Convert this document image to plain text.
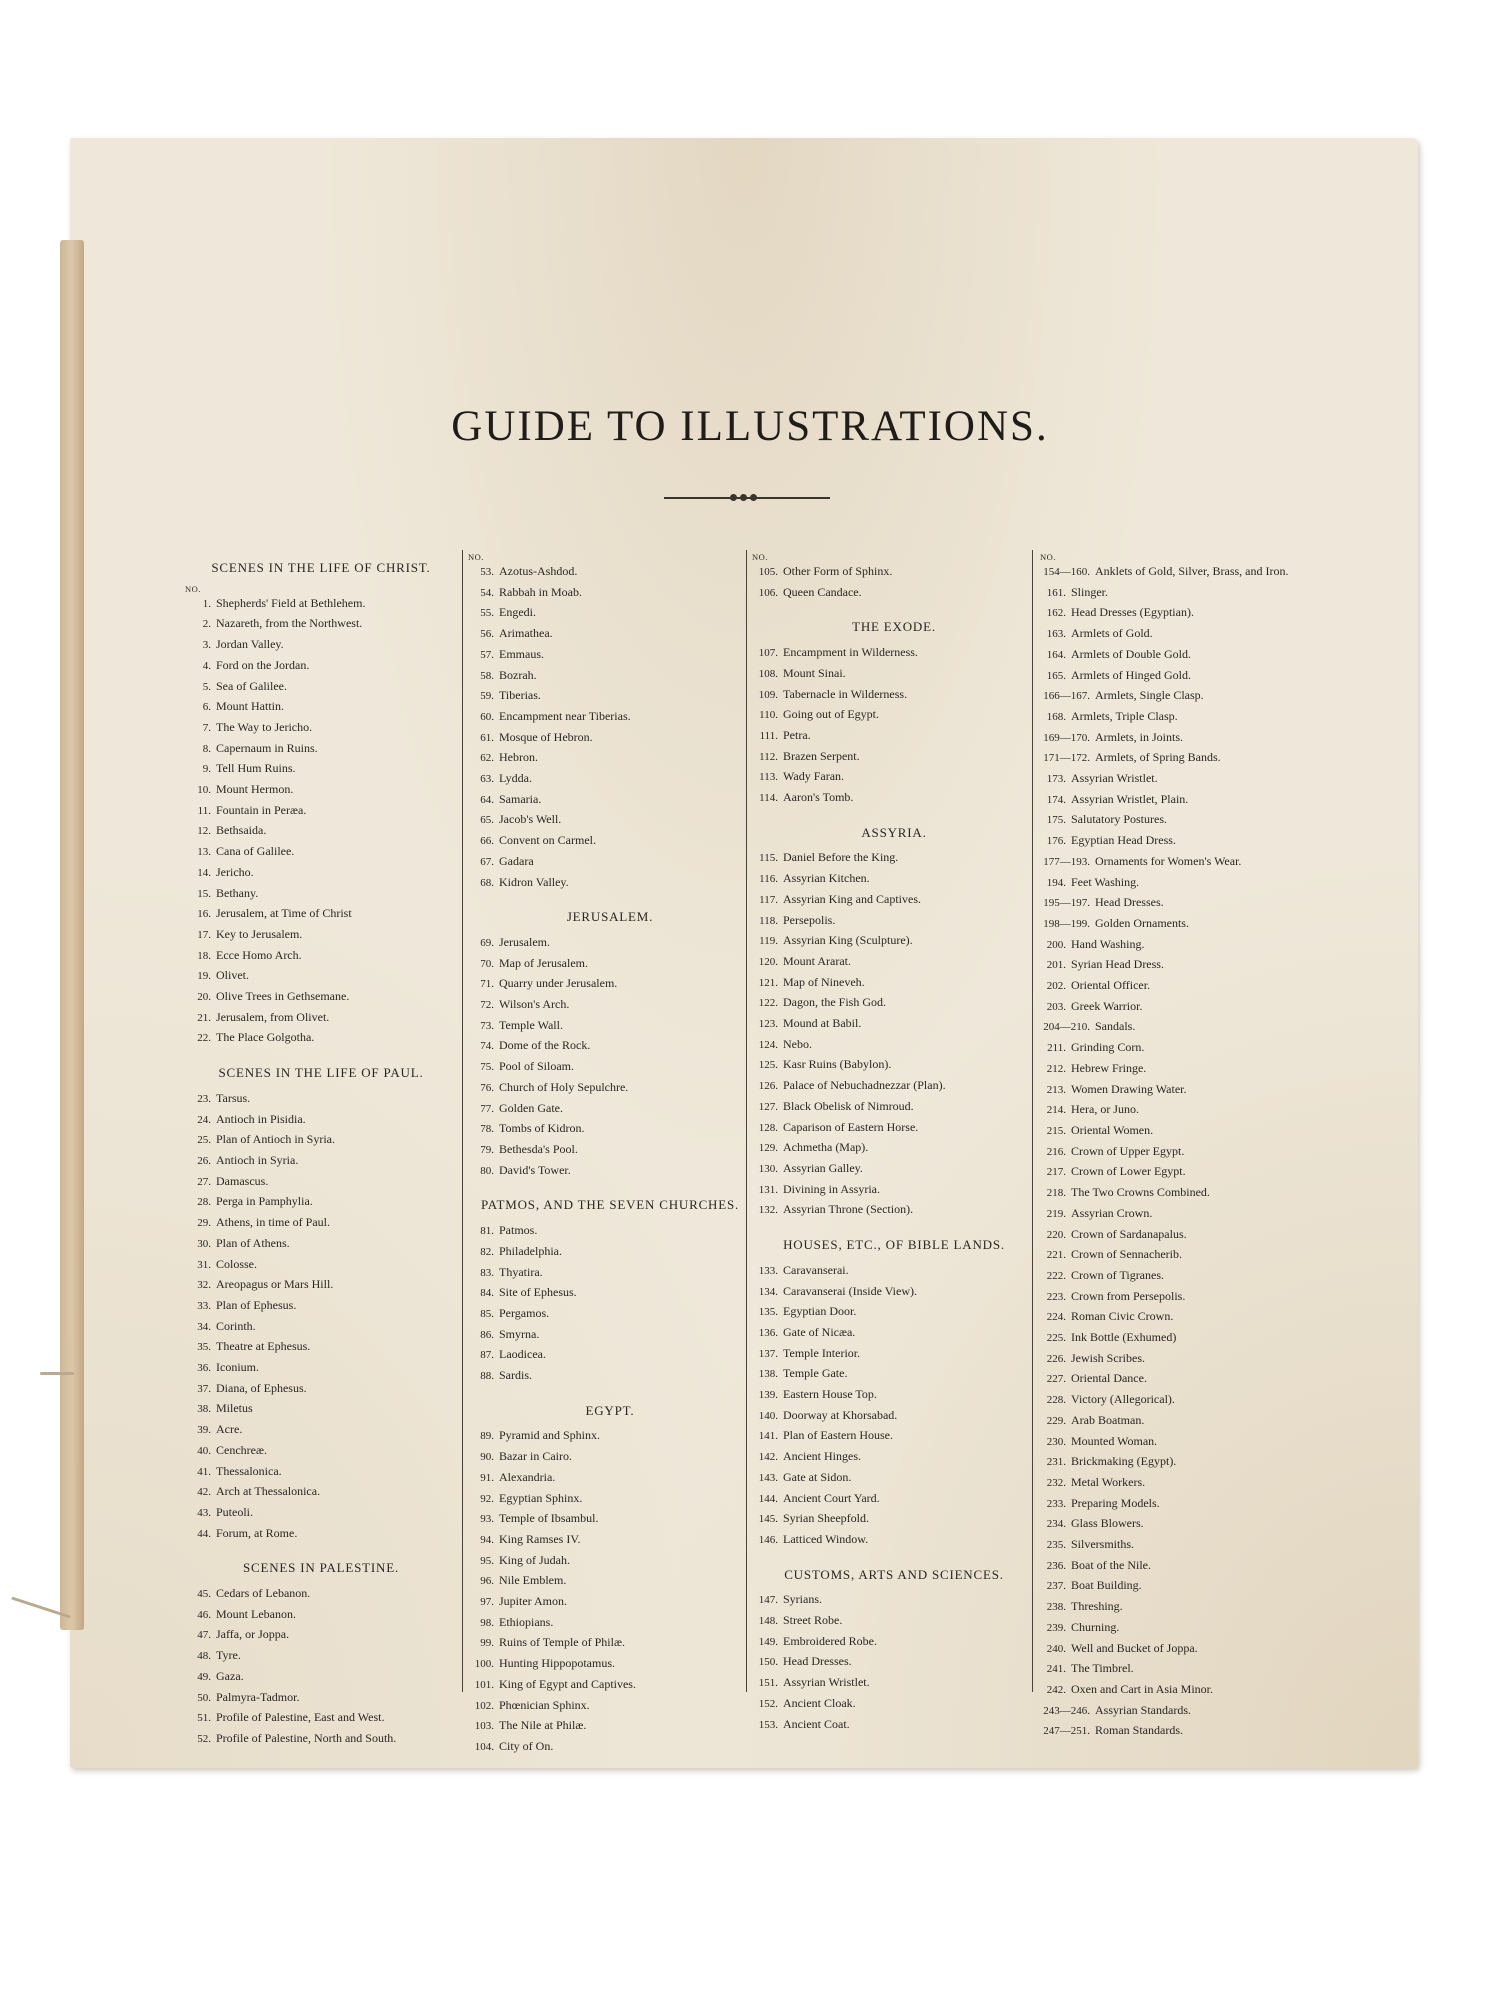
GUIDE TO ILLUSTRATIONS.
SCENES IN THE LIFE OF CHRIST.
NO.
1. Shepherds' Field at Bethlehem.
2. Nazareth, from the Northwest.
3. Jordan Valley.
4. Ford on the Jordan.
5. Sea of Galilee.
6. Mount Hattin.
7. The Way to Jericho.
8. Capernaum in Ruins.
9. Tell Hum Ruins.
10. Mount Hermon.
11. Fountain in Peræa.
12. Bethsaida.
13. Cana of Galilee.
14. Jericho.
15. Bethany.
16. Jerusalem, at Time of Christ
17. Key to Jerusalem.
18. Ecce Homo Arch.
19. Olivet.
20. Olive Trees in Gethsemane.
21. Jerusalem, from Olivet.
22. The Place Golgotha.
SCENES IN THE LIFE OF PAUL.
23. Tarsus.
24. Antioch in Pisidia.
25. Plan of Antioch in Syria.
26. Antioch in Syria.
27. Damascus.
28. Perga in Pamphylia.
29. Athens, in time of Paul.
30. Plan of Athens.
31. Colosse.
32. Areopagus or Mars Hill.
33. Plan of Ephesus.
34. Corinth.
35. Theatre at Ephesus.
36. Iconium.
37. Diana, of Ephesus.
38. Miletus
39. Acre.
40. Cenchreæ.
41. Thessalonica.
42. Arch at Thessalonica.
43. Puteoli.
44. Forum, at Rome.
SCENES IN PALESTINE.
45. Cedars of Lebanon.
46. Mount Lebanon.
47. Jaffa, or Joppa.
48. Tyre.
49. Gaza.
50. Palmyra-Tadmor.
51. Profile of Palestine, East and West.
52. Profile of Palestine, North and South.
NO.
53. Azotus-Ashdod.
54. Rabbah in Moab.
55. Engedi.
56. Arimathea.
57. Emmaus.
58. Bozrah.
59. Tiberias.
60. Encampment near Tiberias.
61. Mosque of Hebron.
62. Hebron.
63. Lydda.
64. Samaria.
65. Jacob's Well.
66. Convent on Carmel.
67. Gadara
68. Kidron Valley.
JERUSALEM.
69. Jerusalem.
70. Map of Jerusalem.
71. Quarry under Jerusalem.
72. Wilson's Arch.
73. Temple Wall.
74. Dome of the Rock.
75. Pool of Siloam.
76. Church of Holy Sepulchre.
77. Golden Gate.
78. Tombs of Kidron.
79. Bethesda's Pool.
80. David's Tower.
PATMOS, AND THE SEVEN CHURCHES.
81. Patmos.
82. Philadelphia.
83. Thyatira.
84. Site of Ephesus.
85. Pergamos.
86. Smyrna.
87. Laodicea.
88. Sardis.
EGYPT.
89. Pyramid and Sphinx.
90. Bazar in Cairo.
91. Alexandria.
92. Egyptian Sphinx.
93. Temple of Ibsambul.
94. King Ramses IV.
95. King of Judah.
96. Nile Emblem.
97. Jupiter Amon.
98. Ethiopians.
99. Ruins of Temple of Philæ.
100. Hunting Hippopotamus.
101. King of Egypt and Captives.
102. Phœnician Sphinx.
103. The Nile at Philæ.
104. City of On.
NO.
105. Other Form of Sphinx.
106. Queen Candace.
THE EXODE.
107. Encampment in Wilderness.
108. Mount Sinai.
109. Tabernacle in Wilderness.
110. Going out of Egypt.
111. Petra.
112. Brazen Serpent.
113. Wady Faran.
114. Aaron's Tomb.
ASSYRIA.
115. Daniel Before the King.
116. Assyrian Kitchen.
117. Assyrian King and Captives.
118. Persepolis.
119. Assyrian King (Sculpture).
120. Mount Ararat.
121. Map of Nineveh.
122. Dagon, the Fish God.
123. Mound at Babil.
124. Nebo.
125. Kasr Ruins (Babylon).
126. Palace of Nebuchadnezzar (Plan).
127. Black Obelisk of Nimroud.
128. Caparison of Eastern Horse.
129. Achmetha (Map).
130. Assyrian Galley.
131. Divining in Assyria.
132. Assyrian Throne (Section).
HOUSES, ETC., OF BIBLE LANDS.
133. Caravanserai.
134. Caravanserai (Inside View).
135. Egyptian Door.
136. Gate of Nicæa.
137. Temple Interior.
138. Temple Gate.
139. Eastern House Top.
140. Doorway at Khorsabad.
141. Plan of Eastern House.
142. Ancient Hinges.
143. Gate at Sidon.
144. Ancient Court Yard.
145. Syrian Sheepfold.
146. Latticed Window.
CUSTOMS, ARTS AND SCIENCES.
147. Syrians.
148. Street Robe.
149. Embroidered Robe.
150. Head Dresses.
151. Assyrian Wristlet.
152. Ancient Cloak.
153. Ancient Coat.
NO.
154—160. Anklets of Gold, Silver, Brass, and Iron.
161. Slinger.
162. Head Dresses (Egyptian).
163. Armlets of Gold.
164. Armlets of Double Gold.
165. Armlets of Hinged Gold.
166—167. Armlets, Single Clasp.
168. Armlets, Triple Clasp.
169—170. Armlets, in Joints.
171—172. Armlets, of Spring Bands.
173. Assyrian Wristlet.
174. Assyrian Wristlet, Plain.
175. Salutatory Postures.
176. Egyptian Head Dress.
177—193. Ornaments for Women's Wear.
194. Feet Washing.
195—197. Head Dresses.
198—199. Golden Ornaments.
200. Hand Washing.
201. Syrian Head Dress.
202. Oriental Officer.
203. Greek Warrior.
204—210. Sandals.
211. Grinding Corn.
212. Hebrew Fringe.
213. Women Drawing Water.
214. Hera, or Juno.
215. Oriental Women.
216. Crown of Upper Egypt.
217. Crown of Lower Egypt.
218. The Two Crowns Combined.
219. Assyrian Crown.
220. Crown of Sardanapalus.
221. Crown of Sennacherib.
222. Crown of Tigranes.
223. Crown from Persepolis.
224. Roman Civic Crown.
225. Ink Bottle (Exhumed)
226. Jewish Scribes.
227. Oriental Dance.
228. Victory (Allegorical).
229. Arab Boatman.
230. Mounted Woman.
231. Brickmaking (Egypt).
232. Metal Workers.
233. Preparing Models.
234. Glass Blowers.
235. Silversmiths.
236. Boat of the Nile.
237. Boat Building.
238. Threshing.
239. Churning.
240. Well and Bucket of Joppa.
241. The Timbrel.
242. Oxen and Cart in Asia Minor.
243—246. Assyrian Standards.
247—251. Roman Standards.
